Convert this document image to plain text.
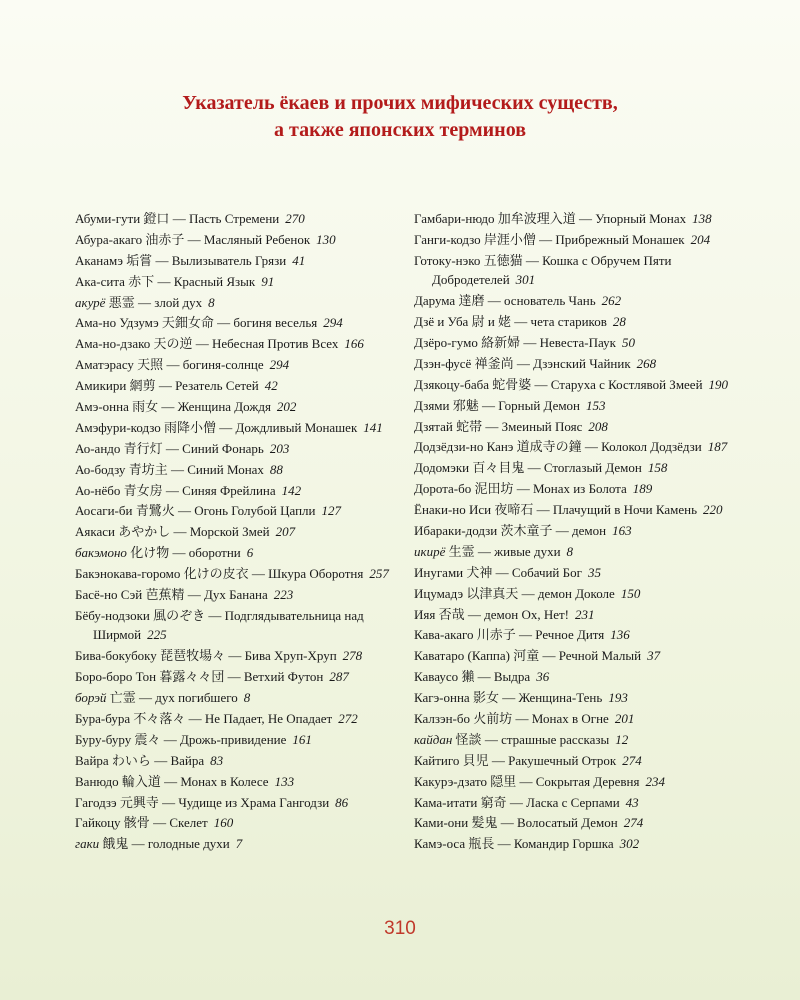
Указатель ёкаев и прочих мифических существ,
а также японских терминов
Абуми-гути 鐙口 — Пасть Стремени 270
Абура-акаго 油赤子 — Масляный Ребенок 130
Аканамэ 垢嘗 — Вылизыватель Грязи 41
Ака-сита 赤下 — Красный Язык 91
акурё 悪霊 — злой дух 8
Ама-но Удзумэ 天鈿女命 — богиня веселья 294
Ама-но-дзако 天の逆 — Небесная Против Всех 166
Аматэрасу 天照 — богиня-солнце 294
Амикири 網剪 — Резатель Сетей 42
Амэ-онна 雨女 — Женщина Дождя 202
Амэфури-кодзо 雨降小僧 — Дождливый Монашек 141
Ао-андо 青行灯 — Синий Фонарь 203
Ао-бодзу 青坊主 — Синий Монах 88
Ао-нёбо 青女房 — Синяя Фрейлина 142
Аосаги-би 青鷺火 — Огонь Голубой Цапли 127
Аякаси あやかし — Морской Змей 207
бакэмоно 化け物 — оборотни 6
Бакэнокава-горомо 化けの皮衣 — Шкура Оборотня 257
Басё-но Сэй 芭蕉精 — Дух Банана 223
Бёбу-нодзоки 風のぞき — Подглядывательница над Ширмой 225
Бива-бокубоку 琵琶牧場々 — Бива Хруп-Хруп 278
Боро-боро Тон 暮露々々団 — Ветхий Футон 287
борэй 亡霊 — дух погибшего 8
Бура-бура 不々落々 — Не Падает, Не Опадает 272
Буру-буру 震々 — Дрожь-привидение 161
Вайра わいら — Вайра 83
Ванюдо 輪入道 — Монах в Колесе 133
Гагодзэ 元興寺 — Чудище из Храма Гангодзи 86
Гайкоцу 骸骨 — Скелет 160
гаки 餓鬼 — голодные духи 7
Гамбари-нюдо 加牟波理入道 — Упорный Монах 138
Ганги-кодзо 岸涯小僧 — Прибрежный Монашек 204
Готоку-нэко 五徳猫 — Кошка с Обручем Пяти Добродетелей 301
Дарума 達磨 — основатель Чань 262
Дзё и Уба 尉 и 姥 — чета стариков 28
Дзёро-гумо 絡新婦 — Невеста-Паук 50
Дзэн-фусё 禅釜尚 — Дзэнский Чайник 268
Дзякоцу-баба 蛇骨婆 — Старуха с Костлявой Змеей 190
Дзями 邪魅 — Горный Демон 153
Дзятай 蛇帯 — Змеиный Пояс 208
Додзёдзи-но Канэ 道成寺の鐘 — Колокол Додзёдзи 187
Додомэки 百々目鬼 — Стоглазый Демон 158
Дорота-бо 泥田坊 — Монах из Болота 189
Ёнаки-но Иси 夜啼石 — Плачущий в Ночи Камень 220
Ибараки-додзи 茨木童子 — демон 163
икирё 生霊 — живые духи 8
Инугами 犬神 — Собачий Бог 35
Ицумадэ 以津真天 — демон Доколе 150
Ияя 否哉 — демон Ох, Нет! 231
Кава-акаго 川赤子 — Речное Дитя 136
Каватаро (Каппа) 河童 — Речной Малый 37
Каваусо 獺 — Выдра 36
Кагэ-онна 影女 — Женщина-Тень 193
Калзэн-бо 火前坊 — Монах в Огне 201
кайдан 怪談 — страшные рассказы 12
Кайтиго 貝児 — Ракушечный Отрок 274
Какурэ-дзато 隠里 — Сокрытая Деревня 234
Кама-итати 窮奇 — Ласка с Серпами 43
Ками-они 髪鬼 — Волосатый Демон 274
Камэ-оса 瓶長 — Командир Горшка 302
310
